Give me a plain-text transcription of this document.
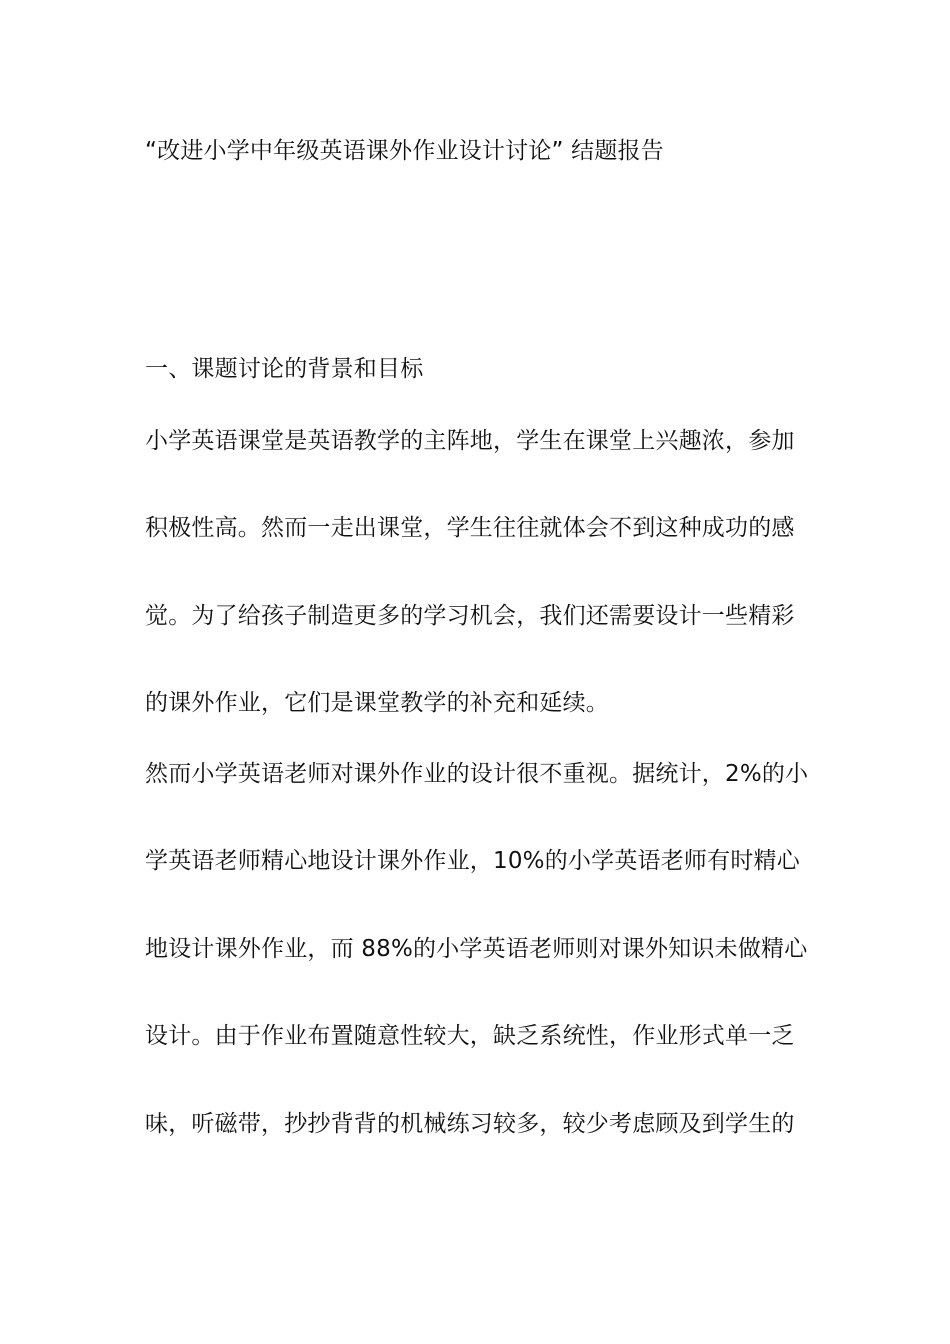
“改进小学中年级英语课外作业设计讨论” 结题报告
一、课题讨论的背景和目标
小学英语课堂是英语教学的主阵地，学生在课堂上兴趣浓，参加
积极性高。然而一走出课堂，学生往往就体会不到这种成功的感
觉。为了给孩子制造更多的学习机会，我们还需要设计一些精彩
的课外作业，它们是课堂教学的补充和延续。
然而小学英语老师对课外作业的设计很不重视。据统计，2%的小
学英语老师精心地设计课外作业，10%的小学英语老师有时精心
地设计课外作业，而 88%的小学英语老师则对课外知识未做精心
设计。由于作业布置随意性较大，缺乏系统性，作业形式单一乏
味，听磁带，抄抄背背的机械练习较多，较少考虑顾及到学生的
